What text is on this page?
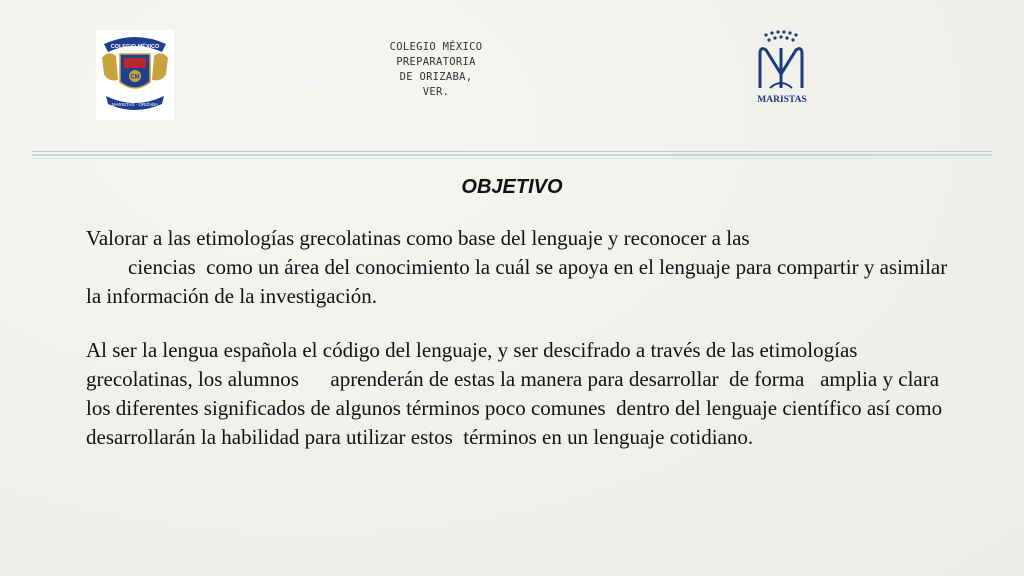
COLEGIO MÉXICO
CM
MARISTAS · ORIZABA
COLEGIO MÉXICO
PREPARATORIA
DE ORIZABA,
VER.
MARISTAS
OBJETIVO

Valorar a las etimologías grecolatinas como base del lenguaje y reconocer a las
ciencias  como un área del conocimiento la cuál se apoya en el lenguaje para compartir y asimilar  la información de la investigación.

Al ser la lengua española el código del lenguaje, y ser descifrado a través de las etimologías grecolatinas, los alumnos      aprenderán de estas la manera para desarrollar  de forma   amplia y clara los diferentes significados de algunos términos poco comunes  dentro del lenguaje científico así como desarrollarán la habilidad para utilizar estos  términos en un lenguaje cotidiano.
